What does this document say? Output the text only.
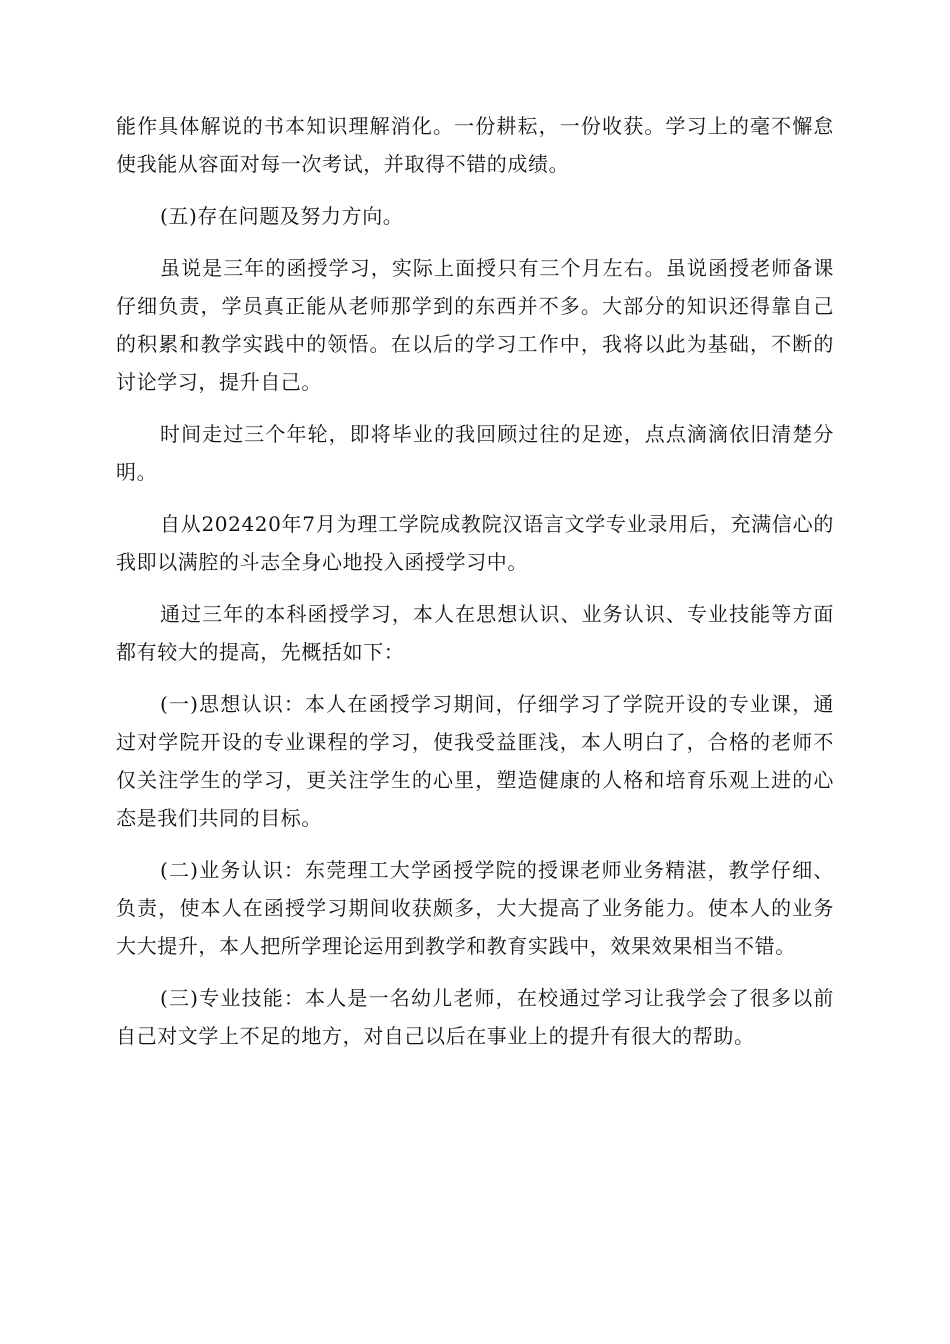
能作具体解说的书本知识理解消化。一份耕耘，一份收获。学习上的毫不懈怠使我能从容面对每一次考试，并取得不错的成绩。

(五)存在问题及努力方向。

虽说是三年的函授学习，实际上面授只有三个月左右。虽说函授老师备课仔细负责，学员真正能从老师那学到的东西并不多。大部分的知识还得靠自己的积累和教学实践中的领悟。在以后的学习工作中，我将以此为基础，不断的讨论学习，提升自己。

时间走过三个年轮，即将毕业的我回顾过往的足迹，点点滴滴依旧清楚分明。

自从202420年7月为理工学院成教院汉语言文学专业录用后，充满信心的我即以满腔的斗志全身心地投入函授学习中。

通过三年的本科函授学习，本人在思想认识、业务认识、专业技能等方面都有较大的提高，先概括如下：

(一)思想认识：本人在函授学习期间，仔细学习了学院开设的专业课，通过对学院开设的专业课程的学习，使我受益匪浅，本人明白了，合格的老师不仅关注学生的学习，更关注学生的心里，塑造健康的人格和培育乐观上进的心态是我们共同的目标。

(二)业务认识：东莞理工大学函授学院的授课老师业务精湛，教学仔细、负责，使本人在函授学习期间收获颇多，大大提高了业务能力。使本人的业务大大提升，本人把所学理论运用到教学和教育实践中，效果效果相当不错。

(三)专业技能：本人是一名幼儿老师，在校通过学习让我学会了很多以前自己对文学上不足的地方，对自己以后在事业上的提升有很大的帮助。
